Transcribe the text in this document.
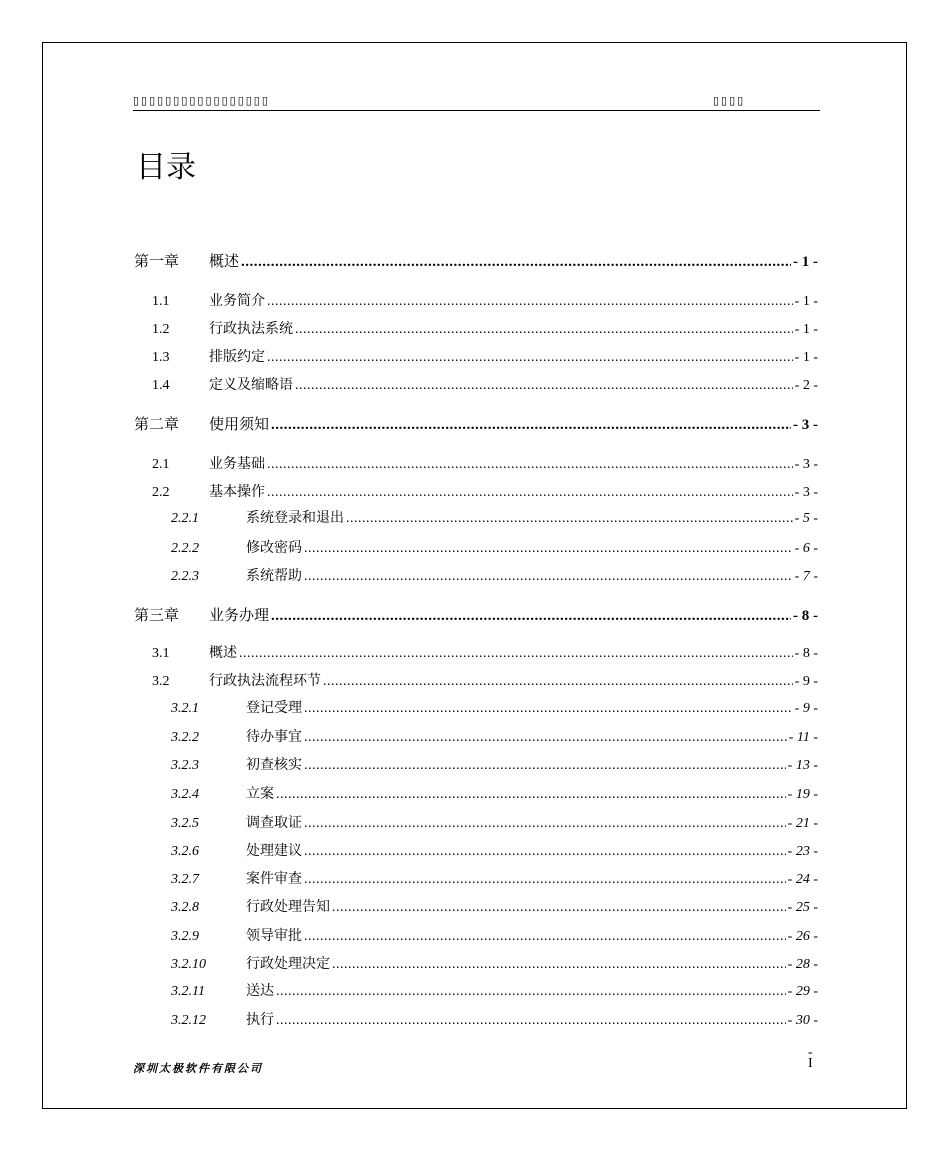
▯▯▯▯▯▯▯▯▯▯▯▯▯▯▯▯▯	▯▯▯▯
目录
第一章	概述 .....	- 1 -
1.1	业务简介 .....	- 1 -
1.2	行政执法系统 .....	- 1 -
1.3	排版约定 .....	- 1 -
1.4	定义及缩略语 .....	- 2 -
第二章	使用须知 .....	- 3 -
2.1	业务基础 .....	- 3 -
2.2	基本操作 .....	- 3 -
2.2.1	系统登录和退出 .....	- 5 -
2.2.2	修改密码 .....	- 6 -
2.2.3	系统帮助 .....	- 7 -
第三章	业务办理 .....	- 8 -
3.1	概述 .....	- 8 -
3.2	行政执法流程环节 .....	- 9 -
3.2.1	登记受理 .....	- 9 -
3.2.2	待办事宜 .....	- 11 -
3.2.3	初查核实 .....	- 13 -
3.2.4	立案 .....	- 19 -
3.2.5	调查取证 .....	- 21 -
3.2.6	处理建议 .....	- 23 -
3.2.7	案件审查 .....	- 24 -
3.2.8	行政处理告知 .....	- 25 -
3.2.9	领导审批 .....	- 26 -
3.2.10	行政处理决定 .....	- 28 -
3.2.11	送达 .....	- 29 -
3.2.12	执行 .....	- 30 -
深圳太极软件有限公司
-
I
